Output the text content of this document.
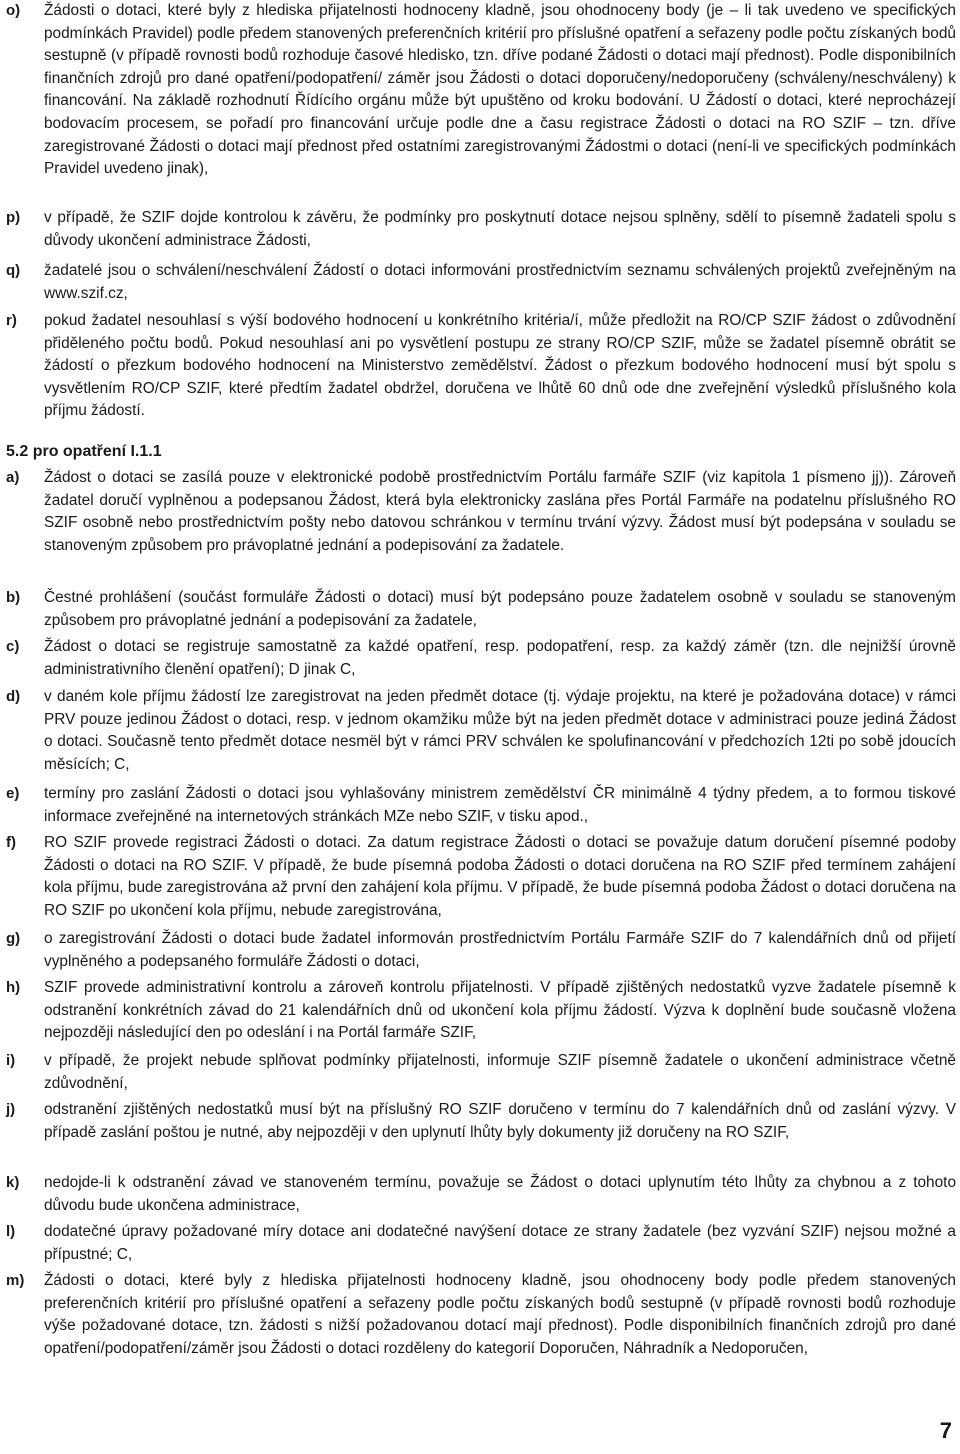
o)	Žádosti o dotaci, které byly z hlediska přijatelnosti hodnoceny kladně, jsou ohodnoceny body (je – li tak uvedeno ve specifických podmínkách Pravidel) podle předem stanovených preferenčních kritérií pro příslušné opatření a seřazeny podle počtu získaných bodů sestupně (v případě rovnosti bodů rozhoduje časové hledisko, tzn. dříve podané Žádosti o dotaci mají přednost). Podle disponibilních finančních zdrojů pro dané opatření/podopatření/ záměr jsou Žádosti o dotaci doporučeny/nedoporučeny (schváleny/neschváleny) k financování. Na základě rozhodnutí Řídícího orgánu může být upuštěno od kroku bodování. U Žádostí o dotaci, které neprocházejí bodovacím procesem, se pořadí pro financování určuje podle dne a času registrace Žádosti o dotaci na RO SZIF – tzn. dříve zaregistrované Žádosti o dotaci mají přednost před ostatními zaregistrovanými Žádostmi o dotaci (není-li ve specifických podmínkách Pravidel uvedeno jinak),
p)	v případě, že SZIF dojde kontrolou k závěru, že podmínky pro poskytnutí dotace nejsou splněny, sdělí to písemně žadateli spolu s důvody ukončení administrace Žádosti,
q)	žadatelé jsou o schválení/neschválení Žádostí o dotaci informováni prostřednictvím seznamu schválených projektů zveřejněným na www.szif.cz,
r)	pokud žadatel nesouhlasí s výší bodového hodnocení u konkrétního kritéria/í, může předložit na RO/CP SZIF žádost o zdůvodnění přiděleného počtu bodů. Pokud nesouhlasí ani po vysvětlení postupu ze strany RO/CP SZIF, může se žadatel písemně obrátit se žádostí o přezkum bodového hodnocení na Ministerstvo zemědělství. Žádost o přezkum bodového hodnocení musí být spolu s vysvětlením RO/CP SZIF, které předtím žadatel obdržel, doručena ve lhůtě 60 dnů ode dne zveřejnění výsledků příslušného kola příjmu žádostí.
5.2 pro opatření I.1.1
a)	Žádost o dotaci se zasílá pouze v elektronické podobě prostřednictvím Portálu farmáře SZIF (viz kapitola 1 písmeno jj)). Zároveň žadatel doručí vyplněnou a podepsanou Žádost, která byla elektronicky zaslána přes Portál Farmáře na podatelnu příslušného RO SZIF osobně nebo prostřednictvím pošty nebo datovou schránkou v termínu trvání výzvy. Žádost musí být podepsána v souladu se stanoveným způsobem pro právoplatné jednání a podepisování za žadatele.
b)	Čestné prohlášení (součást formuláře Žádosti o dotaci) musí být podepsáno pouze žadatelem osobně v souladu se stanoveným způsobem pro právoplatné jednání a podepisování za žadatele,
c)	Žádost o dotaci se registruje samostatně za každé opatření, resp. podopatření, resp. za každý záměr (tzn. dle nejnižší úrovně administrativního členění opatření); D jinak C,
d)	v daném kole příjmu žádostí lze zaregistrovat na jeden předmět dotace (tj. výdaje projektu, na které je požadována dotace) v rámci PRV pouze jedinou Žádost o dotaci, resp. v jednom okamžiku může být na jeden předmět dotace v administraci pouze jediná Žádost o dotaci. Současně tento předmět dotace nesmël být v rámci PRV schválen ke spolufinancování v předchozích 12ti po sobě jdoucích měsících; C,
e)	termíny pro zaslání Žádosti o dotaci jsou vyhlašovány ministrem zemědělství ČR minimálně 4 týdny předem, a to formou tiskové informace zveřejněné na internetových stránkách MZe nebo SZIF, v tisku apod.,
f)	RO SZIF provede registraci Žádosti o dotaci. Za datum registrace Žádosti o dotaci se považuje datum doručení písemné podoby Žádosti o dotaci na RO SZIF. V případě, že bude písemná podoba Žádosti o dotaci doručena na RO SZIF před termínem zahájení kola příjmu, bude zaregistrována až první den zahájení kola příjmu. V případě, že bude písemná podoba Žádost o dotaci doručena na RO SZIF po ukončení kola příjmu, nebude zaregistrována,
g)	o zaregistrování Žádosti o dotaci bude žadatel informován prostřednictvím Portálu Farmáře SZIF do 7 kalendářních dnů od přijetí vyplněného a podepsaného formuláře Žádosti o dotaci,
h)	SZIF provede administrativní kontrolu a zároveň kontrolu přijatelnosti. V případě zjištěných nedostatků vyzve žadatele písemně k odstranění konkrétních závad do 21 kalendářních dnů od ukončení kola příjmu žádostí. Výzva k doplnění bude současně vložena nejpozději následující den po odeslání i na Portál farmáře SZIF,
i)	v případě, že projekt nebude splňovat podmínky přijatelnosti, informuje SZIF písemně žadatele o ukončení administrace včetně zdůvodnění,
j)	odstranění zjištěných nedostatků musí být na příslušný RO SZIF doručeno v termínu do 7 kalendářních dnů od zaslání výzvy. V případě zaslání poštou je nutné, aby nejpozději v den uplynutí lhůty byly dokumenty již doručeny na RO SZIF,
k)	nedojde-li k odstranění závad ve stanoveném termínu, považuje se Žádost o dotaci uplynutím této lhůty za chybnou a z tohoto důvodu bude ukončena administrace,
l)	dodatečné úpravy požadované míry dotace ani dodatečné navýšení dotace ze strany žadatele (bez vyzvání SZIF) nejsou možné a přípustné; C,
m)	Žádosti o dotaci, které byly z hlediska přijatelnosti hodnoceny kladně, jsou ohodnoceny body podle předem stanovených preferenčních kritérií pro příslušné opatření a seřazeny podle počtu získaných bodů sestupně (v případě rovnosti bodů rozhoduje výše požadované dotace, tzn. žádosti s nižší požadovanou dotací mají přednost). Podle disponibilních finančních zdrojů pro dané opatření/podopatření/záměr jsou Žádosti o dotaci rozděleny do kategorií Doporučen, Náhradník a Nedoporučen,
7
